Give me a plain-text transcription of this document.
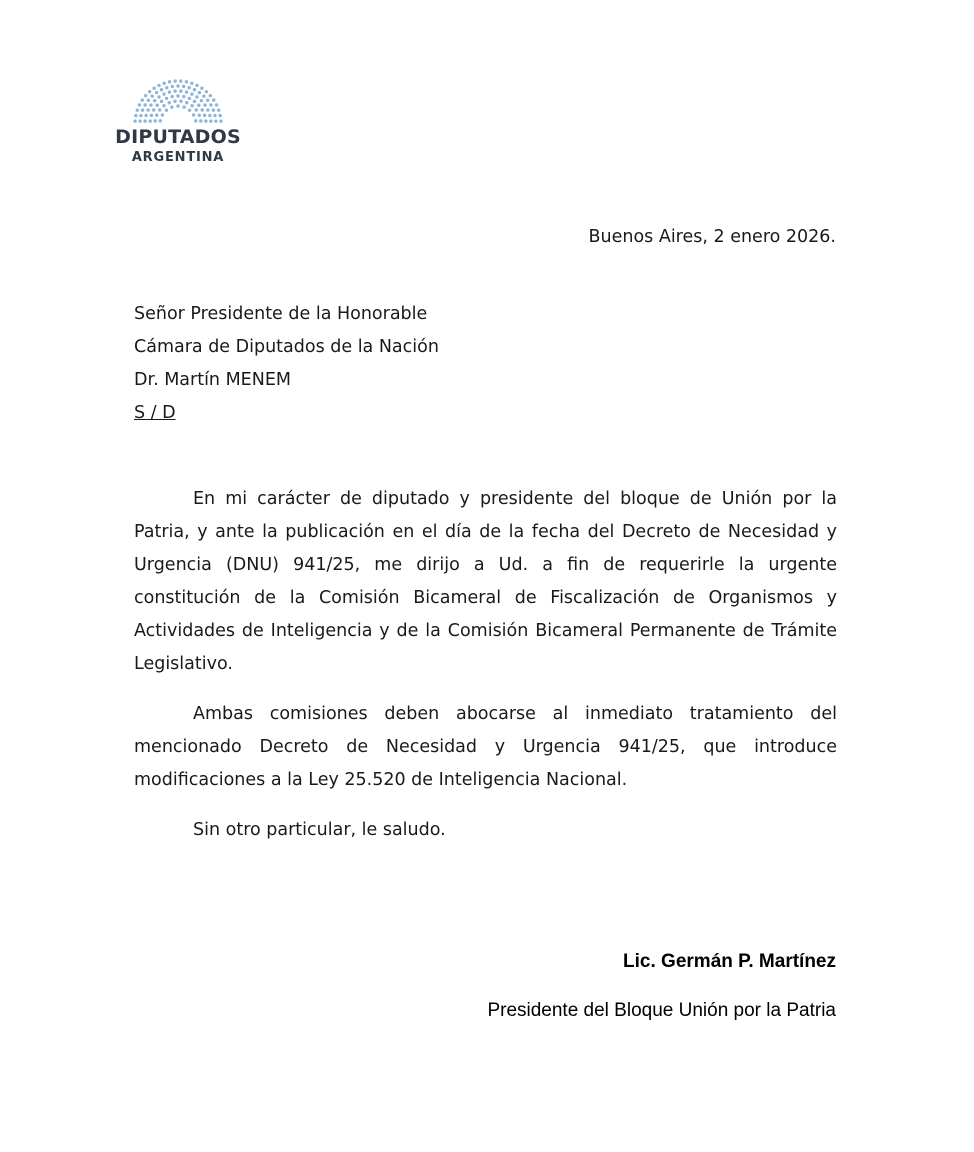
DIPUTADOS
ARGENTINA
Buenos Aires, 2 enero 2026.
Señor Presidente de la Honorable
Cámara de Diputados de la Nación
Dr. Martín MENEM
S / D

En mi carácter de diputado y presidente del bloque de Unión por la Patria, y ante la publicación en el día de la fecha del Decreto de Necesidad y Urgencia (DNU) 941/25, me dirijo a Ud. a fin de requerirle la urgente constitución de la Comisión Bicameral de Fiscalización de Organismos y Actividades de Inteligencia y de la Comisión Bicameral Permanente de Trámite Legislativo.

Ambas comisiones deben abocarse al inmediato tratamiento del mencionado Decreto de Necesidad y Urgencia 941/25, que introduce modificaciones a la Ley 25.520 de Inteligencia Nacional.

Sin otro particular, le saludo.

Lic. Germán P. Martínez
Presidente del Bloque Unión por la Patria
